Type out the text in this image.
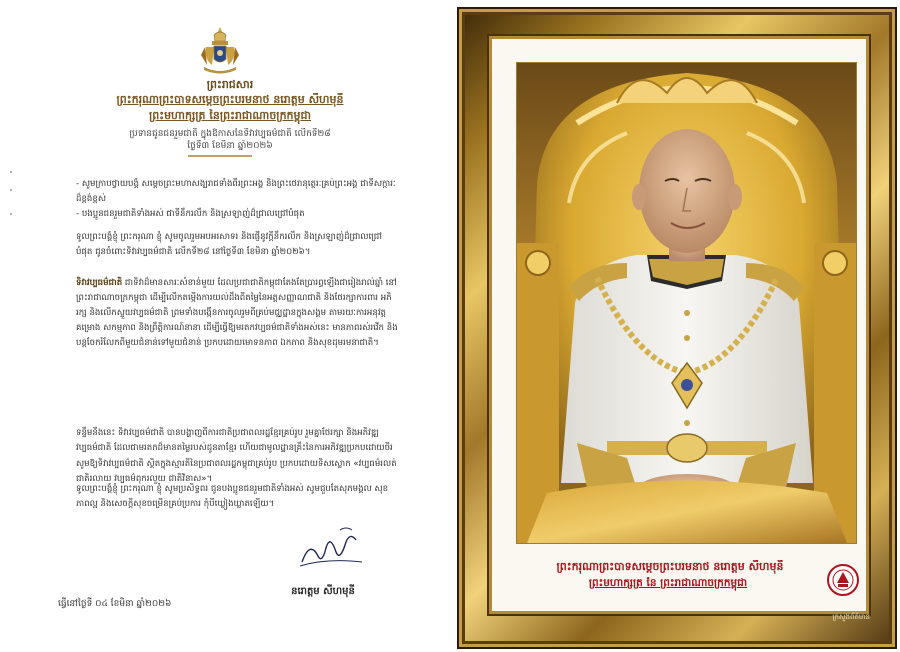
ព្រះរាជសារ
ព្រះករុណាព្រះបាទសម្តេចព្រះបរមនាថ នរោត្តម សីហមុនី
ព្រះមហាក្សត្រ នៃព្រះរាជាណាចក្រកម្ពុជា
ប្រទានជូនជនរួមជាតិ ក្នុងឱកាសនៃទិវាវប្បធម៌ជាតិ លើកទី២៨
ថ្ងៃទី៣ ខែមិនា ឆ្នាំ២០២៦
- សូមក្រាបថ្វាយបង្គំ សម្តេចព្រះមហាសង្ឃរាជទាំងពីរព្រះអង្គ និងព្រះថេរានុត្ថេរៈគ្រប់ព្រះអង្គ ជាទីសក្ការៈដ៏ខ្ពង់ខ្ពស់
- បងប្អូនជនរួមជាតិទាំងអស់ ជាទីនឹករលឹក និងស្រឡាញ់ដ៏ជ្រាលជ្រៅបំផុត
ទូលព្រះបង្គំខ្ញុំ ព្រះករុណា ខ្ញុំ សូមចូលរួមអបអរសាទរ និងផ្ញើនូវក្តីនឹករលឹក និងស្រឡាញ់ដ៏ជ្រាលជ្រៅបំផុត ជូនចំពោះទិវាវប្បធម៌ជាតិ លើកទី២៨ នៅថ្ងៃទី៣ ខែមិនា ឆ្នាំ២០២៦។
ទិវាវប្បធម៌ជាតិ ជាទិវាដ៏មានសារៈសំខាន់មួយ ដែលប្រជាជាតិកម្ពុជាតែងតែប្រារព្ធឡើងជារៀងរាល់ឆ្នាំ នៅព្រះរាជាណាចក្រកម្ពុជា ដើម្បីលើកតម្កើងការយល់ដឹងពីតម្លៃនៃអត្តសញ្ញាណជាតិ និងថែរក្សាការពារ អភិរក្ស និងលើកស្ទួយវប្បធម៌ជាតិ ព្រមទាំងបង្កើនការចូលរួមពីគ្រប់មជ្ឈដ្ឋានក្នុងសង្គម តាមរយៈការអនុវត្តគម្រោង សកម្មភាព និងព្រឹត្តិការណ៍នានា ដើម្បីធ្វើឱ្យមរតកវប្បធម៌ជាតិទាំងអស់នេះ មានភាពរស់រវើក និងបន្តចែករំលែកពីមួយជំនាន់ទៅមួយជំនាន់ ប្រកបដោយមោទនភាព ឯកភាព និងសុខដុមរមនាជាតិ។
ទន្ទឹមនឹងនេះ ទិវាវប្បធម៌ជាតិ បានបង្ហាញពីការជាតិប្រជាពលរដ្ឋខ្មែរគ្រប់រូប រួមគ្នាថែរក្សា និងអភិវឌ្ឍវប្បធម៌ជាតិ ដែលជាមរតកដ៏មានតម្លៃរបស់ដូនតាខ្មែរ ហើយជាមូលដ្ឋានគ្រឹះនៃការអភិវឌ្ឍប្រកបដោយចីរ
សូមឱ្យទិវាវប្បធម៌ជាតិ ស្ថិតក្នុងស្មារតីនៃប្រជាពលរដ្ឋកម្ពុជាគ្រប់រូប ប្រកបដោយទិសស្លោក «វប្បធម៌រលត់ ជាតិរលាយ វប្បធម៌ពុករលួយ ជាតិវិនាស»។
ទូលព្រះបង្គំខ្ញុំ ព្រះករុណា ខ្ញុំ សូមប្រសិទ្ធពរ ជូនបងប្អូនជនរួមជាតិទាំងអស់ សូមជួបតែសុភមង្គល សុខភាពល្អ និងសេចក្តីសុខចម្រើនគ្រប់ប្រការ កុំបីឃ្លៀងឃ្លាតឡើយ។
នរោត្តម សីហមុនី
ធ្វើនៅថ្ងៃទី ០៤ ខែមិនា ឆ្នាំ២០២៦
ព្រះករុណាព្រះបាទសម្តេចព្រះបរមនាថ នរោត្តម សីហមុនី
ព្រះមហាក្សត្រ នៃ ព្រះរាជាណាចក្រកម្ពុជា
ក្រសួងព័ត៌មាន
